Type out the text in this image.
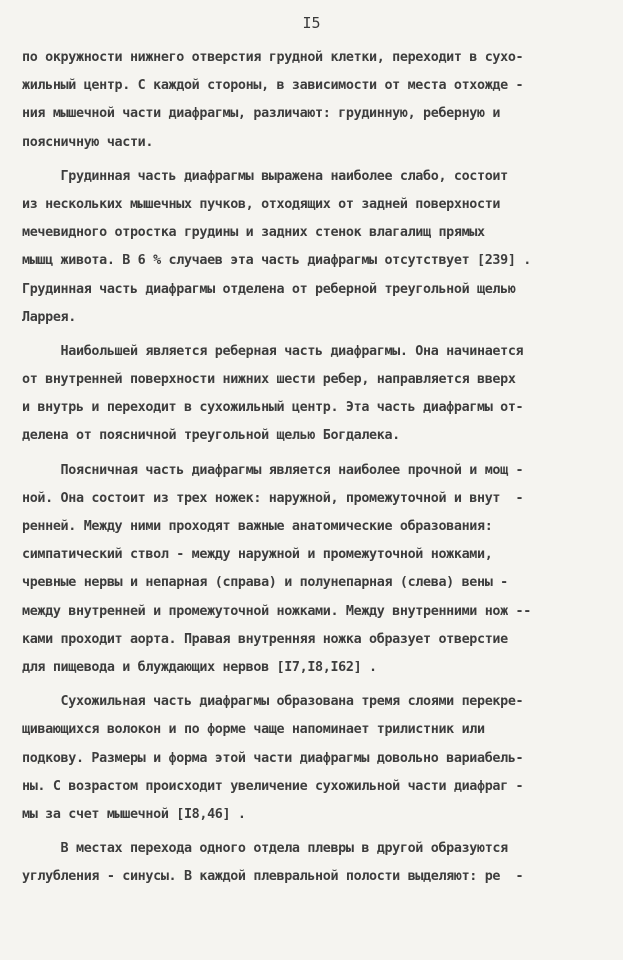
I5
по окружности нижнего отверстия грудной клетки, переходит в сухо-
жильный центр. С каждой стороны, в зависимости от места отхожде -
ния мышечной части диафрагмы, различают: грудинную, реберную и
поясничную части.
Грудинная часть диафрагмы выражена наиболее слабо, состоит
из нескольких мышечных пучков, отходящих от задней поверхности
мечевидного отростка грудины и задних стенок влагалищ прямых
мышц живота. В 6 % случаев эта часть диафрагмы отсутствует [239] .
Грудинная часть диафрагмы отделена от реберной треугольной щелью
Ларрея.
Наибольшей является реберная часть диафрагмы. Она начинается
от внутренней поверхности нижних шести ребер, направляется вверх
и внутрь и переходит в сухожильный центр. Эта часть диафрагмы от-
делена от поясничной треугольной щелью Богдалека.
Поясничная часть диафрагмы является наиболее прочной и мощ -
ной. Она состоит из трех ножек: наружной, промежуточной и внут  -
ренней. Между ними проходят важные анатомические образования:
симпатический ствол - между наружной и промежуточной ножками,
чревные нервы и непарная (справа) и полунепарная (слева) вены -
между внутренней и промежуточной ножками. Между внутренними нож --
ками проходит аорта. Правая внутренняя ножка образует отверстие
для пищевода и блуждающих нервов [I7,I8,I62] .
Сухожильная часть диафрагмы образована тремя слоями перекре-
щивающихся волокон и по форме чаще напоминает трилистник или
подкову. Размеры и форма этой части диафрагмы довольно вариабель-
ны. С возрастом происходит увеличение сухожильной части диафраг -
мы за счет мышечной [I8,46] .
В местах перехода одного отдела плевры в другой образуются
углубления - синусы. В каждой плевральной полости выделяют: ре  -
